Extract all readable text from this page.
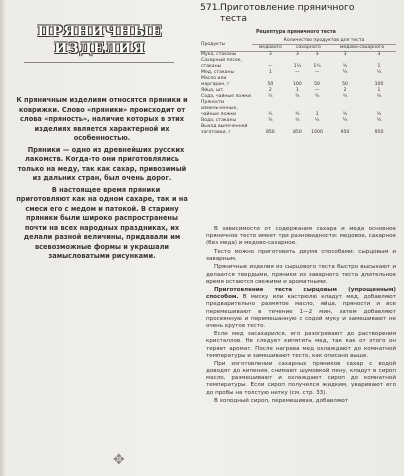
ПРЯНИЧНЫЕ
ИЗДЕЛИЯ

К пряничным изделиям относятся пряники и коврижки. Слово «пряники» происходит от слова «пряность», наличие которых в этих изделиях является характерной их особенностью.

Пряники — одно из древнейших русских лакомств. Когда-то они приготовлялись только на меду, так как сахар, привозимый из дальних стран, был очень дорог.

В настоящее время пряники приготовляют как на одном сахаре, так и на смеси его с медом и патокой. В старину пряники были широко распространены почти на всех народных праздниках, их делали разной величины, придавали им всевозможные формы и украшали замысловатыми рисунками.

✥
571.Приготовление пряничного теста
Рецептура пряничного теста
Продукты	Количество продуктов для теста				
	медового	сахарного		медово-сахарного	
Мука, стаканы	3	3	3	3	3
Сахарный песок, стаканы	—	1¼	1¾	¾	1
Мед, стаканы	1	—	—	¼	¼
Масло или маргарин, г	50	100	50	50	100
Яйца, шт.	2	1	—	2	1
Сода, чайные ложки	¾	¾	¾	¾	¾
Пряности измельченные, чайные ложки	¾	¾	1	¾	¾
Вода, стаканы	¼	¼	¼	¼	¼
Выход выпеченной заготовки, г	850	850	1000	950	950

В зависимости от содержания сахара и меда основное пряничное тесто имеет три разновидности: медовое, сахарное (без меда) и медово-сахарное.

Тесто можно приготовить двумя способами: сырцовым и заварным.

Пряничные изделия из сырцового теста быстро высыхают и делаются твердыми, пряники из заварного теста длительное время остаются свежими и ароматными.

Приготовление теста сырцовым (упрощенным) способом. В миску или кастрюлю кладут мед, добавляют предварительно размятое масло, яйца, пряности и все перемешивают в течение 1—2 мин, затем добавляют просеянную и перемешанную с содой муку и замешивают не очень крутое тесто.

Если мед засахарился, его разогревают до растворения кристаллов. Не следует кипятить мед, так как от этого он теряет аромат. После нагрева мед охлаждают до комнатной температуры и замешивают тесто, как описано выше.

При изготовлении сахарных пряников сахар с водой доводят до кипения, снимают шумовкой пену, кладут в сироп масло, размешивают и охлаждают сироп до комнатной температуры. Если сироп получился жидким, уваривают его до пробы на толстую нитку (см. стр. 33).

В холодный сироп, перемешивая, добавляют
